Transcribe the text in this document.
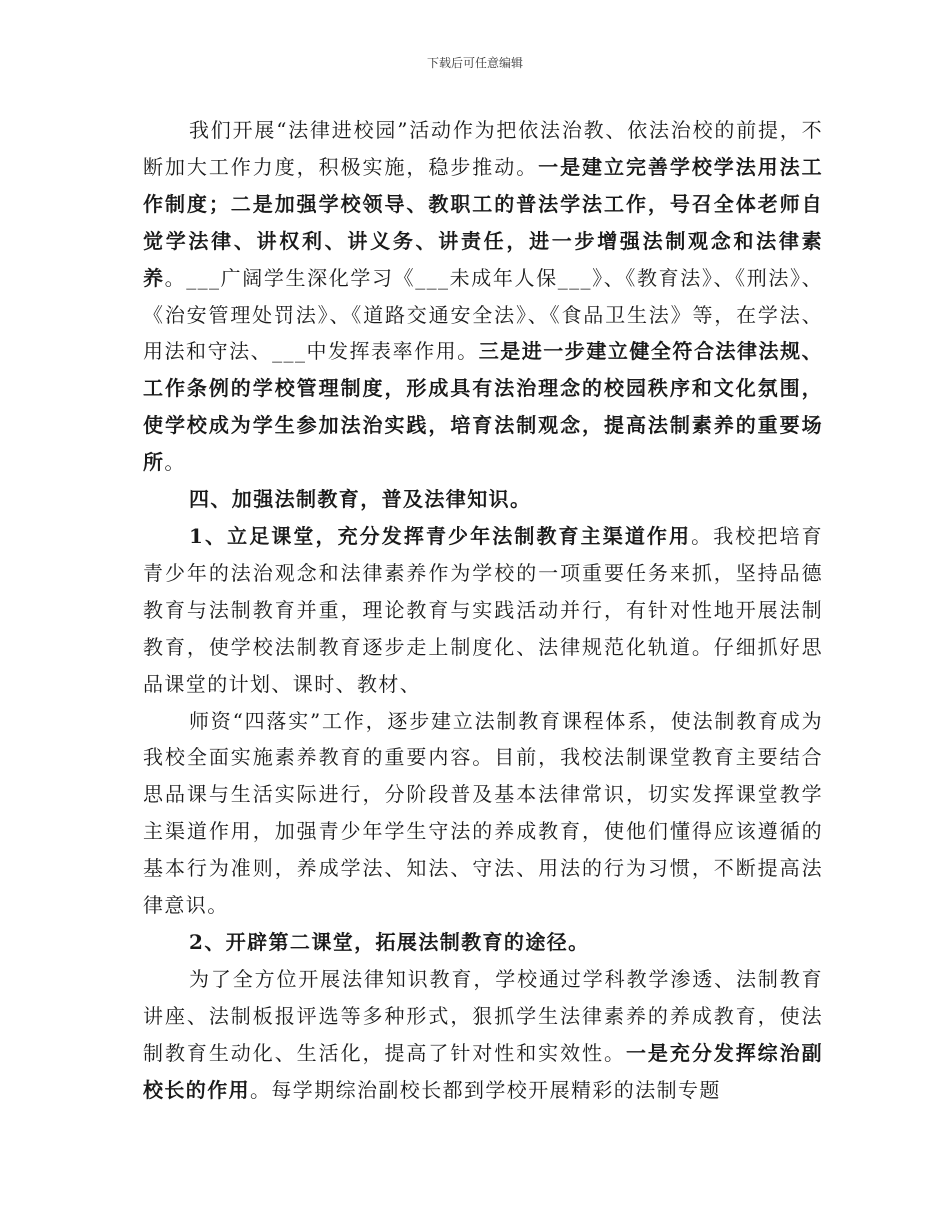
下载后可任意编辑

我们开展“法律进校园”活动作为把依法治教、依法治校的前提，不断加大工作力度，积极实施，稳步推动。一是建立完善学校学法用法工作制度；二是加强学校领导、教职工的普法学法工作，号召全体老师自觉学法律、讲权利、讲义务、讲责任，进一步增强法制观念和法律素养。___广阔学生深化学习《___未成年人保___》、《教育法》、《刑法》、《治安管理处罚法》、《道路交通安全法》、《食品卫生法》等，在学法、用法和守法、___中发挥表率作用。三是进一步建立健全符合法律法规、工作条例的学校管理制度，形成具有法治理念的校园秩序和文化氛围，使学校成为学生参加法治实践，培育法制观念，提高法制素养的重要场所。

四、加强法制教育，普及法律知识。

1、立足课堂，充分发挥青少年法制教育主渠道作用。我校把培育青少年的法治观念和法律素养作为学校的一项重要任务来抓，坚持品德教育与法制教育并重，理论教育与实践活动并行，有针对性地开展法制教育，使学校法制教育逐步走上制度化、法律规范化轨道。仔细抓好思品课堂的计划、课时、教材、

师资“四落实”工作，逐步建立法制教育课程体系，使法制教育成为我校全面实施素养教育的重要内容。目前，我校法制课堂教育主要结合思品课与生活实际进行，分阶段普及基本法律常识，切实发挥课堂教学主渠道作用，加强青少年学生守法的养成教育，使他们懂得应该遵循的基本行为准则，养成学法、知法、守法、用法的行为习惯，不断提高法律意识。

2、开辟第二课堂，拓展法制教育的途径。

为了全方位开展法律知识教育，学校通过学科教学渗透、法制教育讲座、法制板报评选等多种形式，狠抓学生法律素养的养成教育，使法制教育生动化、生活化，提高了针对性和实效性。一是充分发挥综治副校长的作用。每学期综治副校长都到学校开展精彩的法制专题
